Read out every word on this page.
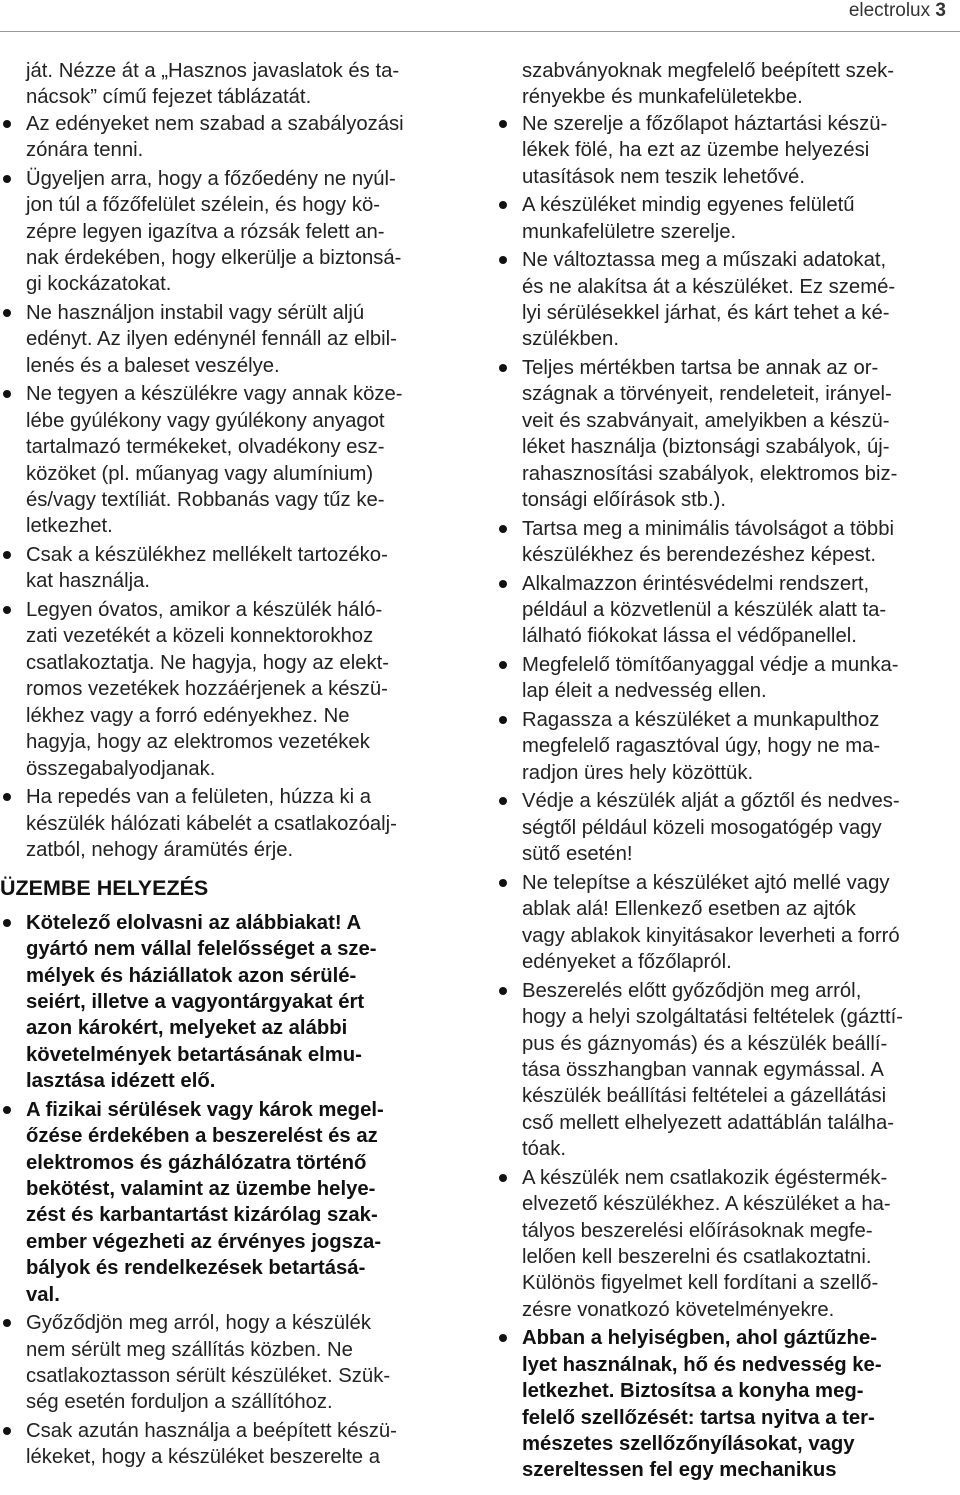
electrolux 3
ját. Nézze át a „Hasznos javaslatok és ta-
nácsok” című fejezet táblázatát.
Az edényeket nem szabad a szabályozási
zónára tenni.
Ügyeljen arra, hogy a főzőedény ne nyúl-
jon túl a főzőfelület szélein, és hogy kö-
zépre legyen igazítva a rózsák felett an-
nak érdekében, hogy elkerülje a biztonsá-
gi kockázatokat.
Ne használjon instabil vagy sérült aljú
edényt. Az ilyen edénynél fennáll az elbil-
lenés és a baleset veszélye.
Ne tegyen a készülékre vagy annak köze-
lébe gyúlékony vagy gyúlékony anyagot
tartalmazó termékeket, olvadékony esz-
közöket (pl. műanyag vagy alumínium)
és/vagy textíliát. Robbanás vagy tűz ke-
letkezhet.
Csak a készülékhez mellékelt tartozéko-
kat használja.
Legyen óvatos, amikor a készülék háló-
zati vezetékét a közeli konnektorokhoz
csatlakoztatja. Ne hagyja, hogy az elekt-
romos vezetékek hozzáérjenek a készü-
lékhez vagy a forró edényekhez. Ne
hagyja, hogy az elektromos vezetékek
összegabalyodjanak.
Ha repedés van a felületen, húzza ki a
készülék hálózati kábelét a csatlakozóalj-
zatból, nehogy áramütés érje.
ÜZEMBE HELYEZÉS
Kötelező elolvasni az alábbiakat! A
gyártó nem vállal felelősséget a sze-
mélyek és háziállatok azon sérülé-
seiért, illetve a vagyontárgyakat ért
azon károkért, melyeket az alábbi
követelmények betartásának elmu-
lasztása idézett elő.
A fizikai sérülések vagy károk megel-
őzése érdekében a beszerelést és az
elektromos és gázhálózatra történő
bekötést, valamint az üzembe helye-
zést és karbantartást kizárólag szak-
ember végezheti az érvényes jogsza-
bályok és rendelkezések betartásá-
val.
Győződjön meg arról, hogy a készülék
nem sérült meg szállítás közben. Ne
csatlakoztasson sérült készüléket. Szük-
ség esetén forduljon a szállítóhoz.
Csak azután használja a beépített készü-
lékeket, hogy a készüléket beszerelte a
szabványoknak megfelelő beépített szek-
rényekbe és munkafelületekbe.
Ne szerelje a főzőlapot háztartási készü-
lékek fölé, ha ezt az üzembe helyezési
utasítások nem teszik lehetővé.
A készüléket mindig egyenes felületű
munkafelületre szerelje.
Ne változtassa meg a műszaki adatokat,
és ne alakítsa át a készüléket. Ez szemé-
lyi sérülésekkel járhat, és kárt tehet a ké-
szülékben.
Teljes mértékben tartsa be annak az or-
szágnak a törvényeit, rendeleteit, irányel-
veit és szabványait, amelyikben a készü-
léket használja (biztonsági szabályok, új-
rahasznosítási szabályok, elektromos biz-
tonsági előírások stb.).
Tartsa meg a minimális távolságot a többi
készülékhez és berendezéshez képest.
Alkalmazzon érintésvédelmi rendszert,
például a közvetlenül a készülék alatt ta-
lálható fiókokat lássa el védőpanellel.
Megfelelő tömítőanyaggal védje a munka-
lap éleit a nedvesség ellen.
Ragassza a készüléket a munkapulthoz
megfelelő ragasztóval úgy, hogy ne ma-
radjon üres hely közöttük.
Védje a készülék alját a gőztől és nedves-
ségtől például közeli mosogatógép vagy
sütő esetén!
Ne telepítse a készüléket ajtó mellé vagy
ablak alá! Ellenkező esetben az ajtók
vagy ablakok kinyitásakor leverheti a forró
edényeket a főzőlapról.
Beszerelés előtt győződjön meg arról,
hogy a helyi szolgáltatási feltételek (gázttí-
pus és gáznyomás) és a készülék beállí-
tása összhangban vannak egymással. A
készülék beállítási feltételei a gázellátási
cső mellett elhelyezett adattáblán találha-
tóak.
A készülék nem csatlakozik égéstermék-
elvezető készülékhez. A készüléket a ha-
tályos beszerelési előírásoknak megfe-
lelően kell beszerelni és csatlakoztatni.
Különös figyelmet kell fordítani a szellő-
zésre vonatkozó követelményekre.
Abban a helyiségben, ahol gáztűzhe-
lyet használnak, hő és nedvesség ke-
letkezhet. Biztosítsa a konyha meg-
felelő szellőzését: tartsa nyitva a ter-
mészetes szellőzőnyílásokat, vagy
szereltessen fel egy mechanikus
